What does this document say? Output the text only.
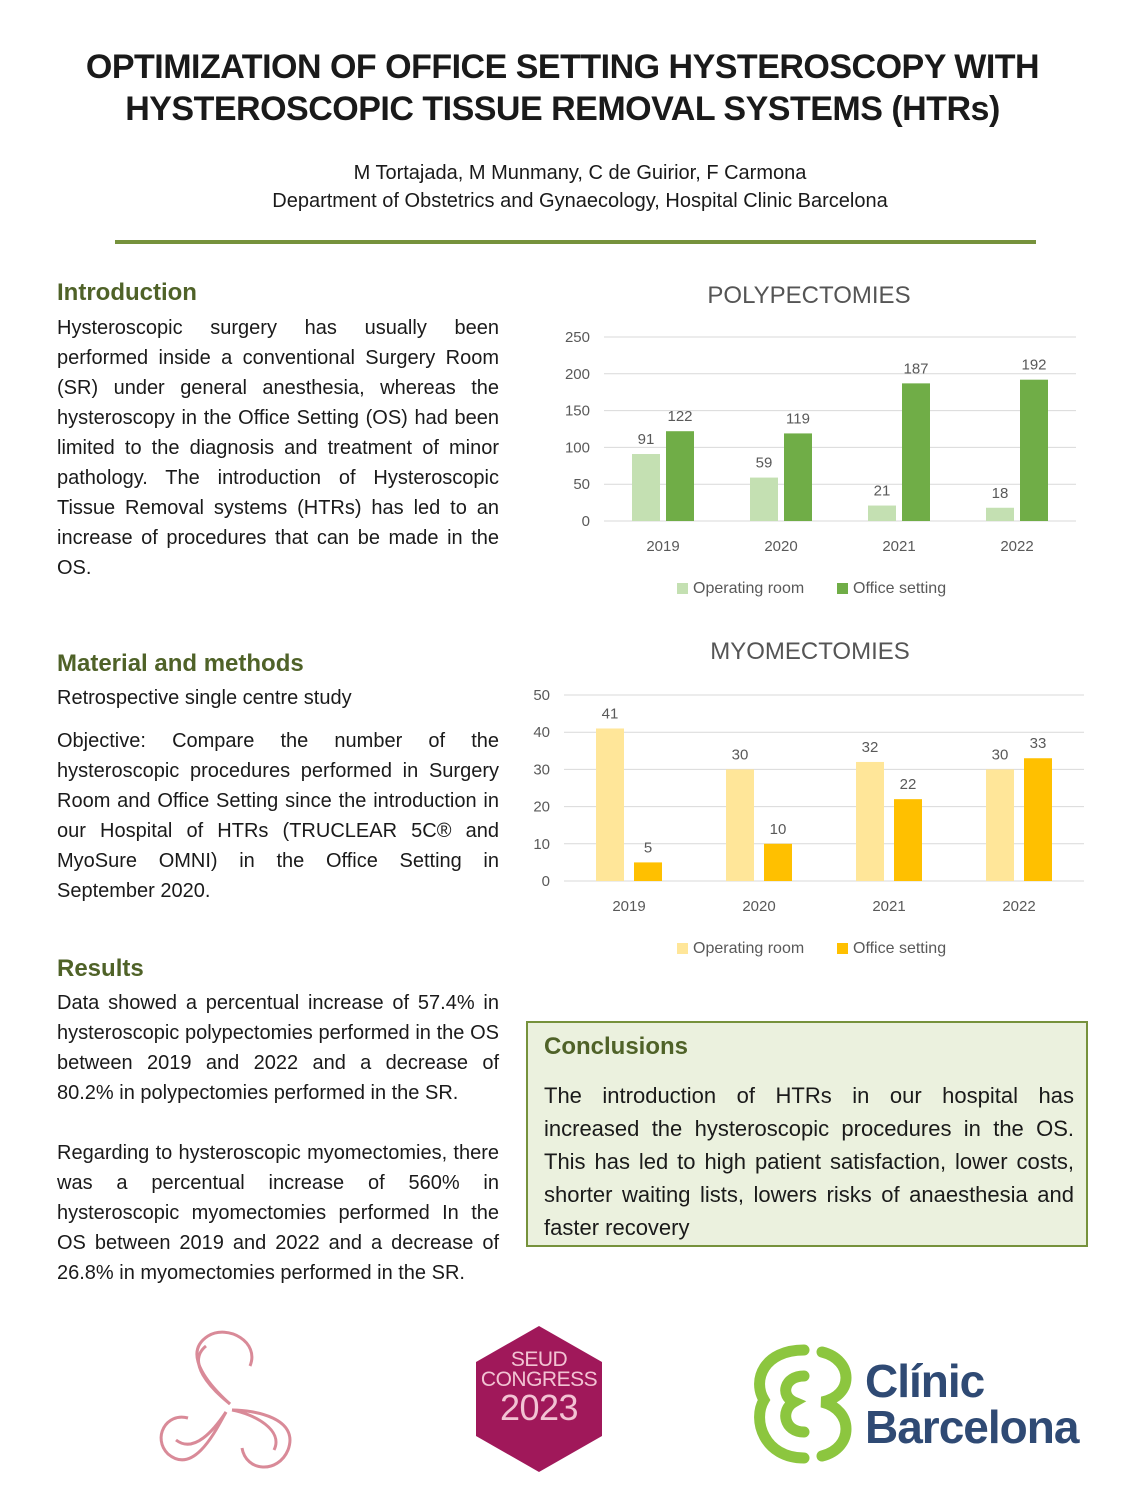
OPTIMIZATION OF OFFICE SETTING HYSTEROSCOPY WITH
HYSTEROSCOPIC TISSUE REMOVAL SYSTEMS (HTRs)
M Tortajada, M Munmany, C de Guirior, F Carmona
Department of Obstetrics and Gynaecology, Hospital Clinic Barcelona
Introduction

Hysteroscopic surgery has usually been performed inside a conventional Surgery Room (SR) under general anesthesia, whereas the hysteroscopy in the Office Setting (OS) had been limited to the diagnosis and treatment of minor pathology. The introduction of Hysteroscopic Tissue Removal systems (HTRs) has led to an increase of procedures that can be made in the OS.

Material and methods

Retrospective single centre study

Objective: Compare the number of the hysteroscopic procedures performed in Surgery Room and Office Setting since the introduction in our Hospital of HTRs (TRUCLEAR 5C® and MyoSure OMNI) in the Office Setting in September 2020.

Results

Data showed a percentual increase of 57.4% in hysteroscopic polypectomies performed in the OS between 2019 and 2022 and a decrease of 80.2% in polypectomies performed in the SR.

Regarding to hysteroscopic myomectomies, there was a percentual increase of 560% in hysteroscopic myomectomies performed In the OS between 2019 and 2022 and a decrease of 26.8% in myomectomies performed in the SR.

POLYPECTOMIES
0
50
100
150
200
250
2019
91
122
2020
59
119
2021
21
187
2022
18
192
Operating room	Office setting
MYOMECTOMIES
0
10
20
30
40
50
2019
41
5
2020
30
10
2021
32
22
2022
30
33
Operating room	Office setting
Conclusions

The introduction of HTRs in our hospital has increased the hysteroscopic procedures in the OS. This has led to high patient satisfaction, lower costs, shorter waiting lists, lowers risks of anaesthesia and faster recovery

SEUD
CONGRESS
2023
Clínic
Barcelona
